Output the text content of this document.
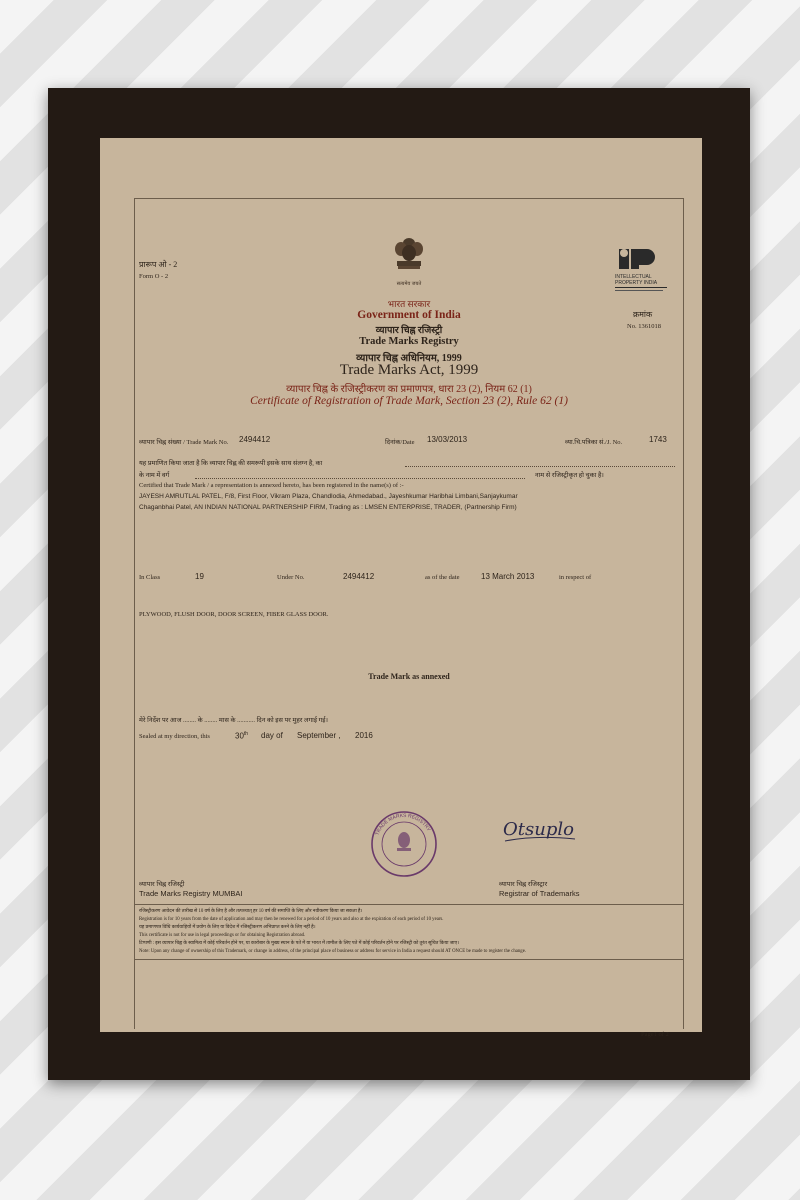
प्रारूप ओ - 2
Form O - 2
सत्यमेव जयते
INTELLECTUAL
PROPERTY INDIA
भारत सरकार
Government of India
व्यापार चिह्न रजिस्ट्री
Trade Marks Registry
व्यापार चिह्न अधिनियम, 1999
Trade Marks Act, 1999
व्यापार चिह्न के रजिस्ट्रीकरण का प्रमाणपत्र, धारा 23 (2), नियम 62 (1)
Certificate of Registration of Trade Mark, Section 23 (2), Rule 62 (1)
क्रमांक
No. 1361018
व्यापार चिह्न संख्या / Trade Mark No. 2494412	दिनांक/Date 13/03/2013	व्या.चि.पत्रिका सं./J. No.	1743
यह प्रमाणित किया जाता है कि व्यापार चिह्न की समरूपी इसके साथ संलग्न है, का
के नाम में वर्ग	नाम से रजिस्ट्रीकृत हो चुका है।
Certified that Trade Mark / a representation is annexed hereto, has been registered in the name(s) of :-
JAYESH AMRUTLAL PATEL, F/8, First Floor, Vikram Plaza, Chandlodia, Ahmedabad., Jayeshkumar Haribhai Limbani,Sanjaykumar
Chaganbhai Patel, AN INDIAN NATIONAL PARTNERSHIP FIRM, Trading as : LMSEN ENTERPRISE, TRADER, (Partnership Firm)
In Class	19	Under No.	2494412	as of the date	13 March 2013	in respect of
PLYWOOD, FLUSH DOOR, DOOR SCREEN, FIBER GLASS DOOR.
Trade Mark as annexed
मेरे निर्देश पर आज ........ के ........ मास के ........... दिन को इस पर मुहर लगाई गई।
Sealed at my direction, this	30th day of September , 2016
TRADE MARKS REGISTRY	Otsuplo
व्यापार चिह्न रजिस्ट्री
Trade Marks Registry MUMBAI
व्यापार चिह्न रजिस्ट्रार
Registrar of Trademarks
रजिस्ट्रीकरण आवेदन की तारीख से 10 वर्ष के लिए है और तत्पश्चात् हर 10 वर्ष की समाप्ति के लिए और नवीकरण किया जा सकता है।
Registration is for 10 years from the date of application and may then be renewed for a period of 10 years and also at the expiration of each period of 10 years.
यह प्रमाणपत्र विधि कार्यवाहियों में प्रयोग के लिए या विदेश में रजिस्ट्रीकरण अभिप्राप्त करने के लिए नहीं है।
This certificate is not for use in legal proceedings or for obtaining Registration abroad.
टिप्पणी : इस व्यापार चिह्न के स्वामित्व में कोई परिवर्तन होने पर, या कारोबार के मुख्य स्थान के पते में या भारत में तामील के लिए पते में कोई परिवर्तन होने पर रजिस्ट्री को तुरंत सूचित किया जाए।
Note: Upon any change of ownership of this Trademark, or change in address, of the principal place of business or address for service in India a request should AT ONCE be made to register the change.
Page1 of 2
